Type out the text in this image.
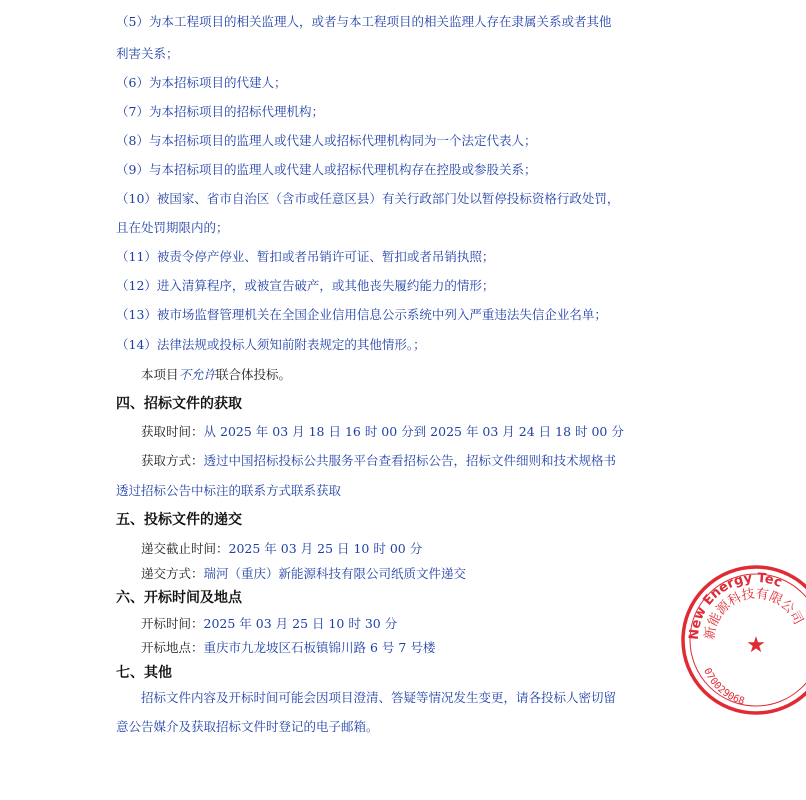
（5）为本工程项目的相关监理人，或者与本工程项目的相关监理人存在隶属关系或者其他
利害关系；
（6）为本招标项目的代建人；
（7）为本招标项目的招标代理机构；
（8）与本招标项目的监理人或代建人或招标代理机构同为一个法定代表人；
（9）与本招标项目的监理人或代建人或招标代理机构存在控股或参股关系；
（10）被国家、省市自治区（含市或任意区县）有关行政部门处以暂停投标资格行政处罚，
且在处罚期限内的；
（11）被责令停产停业、暂扣或者吊销许可证、暂扣或者吊销执照；
（12）进入清算程序，或被宣告破产，或其他丧失履约能力的情形；
（13）被市场监督管理机关在全国企业信用信息公示系统中列入严重违法失信企业名单；
（14）法律法规或投标人须知前附表规定的其他情形。；
本项目不允许联合体投标。
四、招标文件的获取
获取时间：从 2025 年 03 月 18 日 16 时 00 分到 2025 年 03 月 24 日 18 时 00 分
获取方式：透过中国招标投标公共服务平台查看招标公告，招标文件细则和技术规格书
透过招标公告中标注的联系方式联系获取
五、投标文件的递交
递交截止时间：2025 年 03 月 25 日 10 时 00 分
递交方式：瑞河（重庆）新能源科技有限公司纸质文件递交
六、开标时间及地点
开标时间：2025 年 03 月 25 日 10 时 30 分
开标地点：重庆市九龙坡区石板镇锦川路 6 号 7 号楼
七、其他
招标文件内容及开标时间可能会因项目澄清、答疑等情况发生变更，请各投标人密切留
意公告媒介及获取招标文件时登记的电子邮箱。
New Energy Tec
新能源科技有限公司
070029068
★
